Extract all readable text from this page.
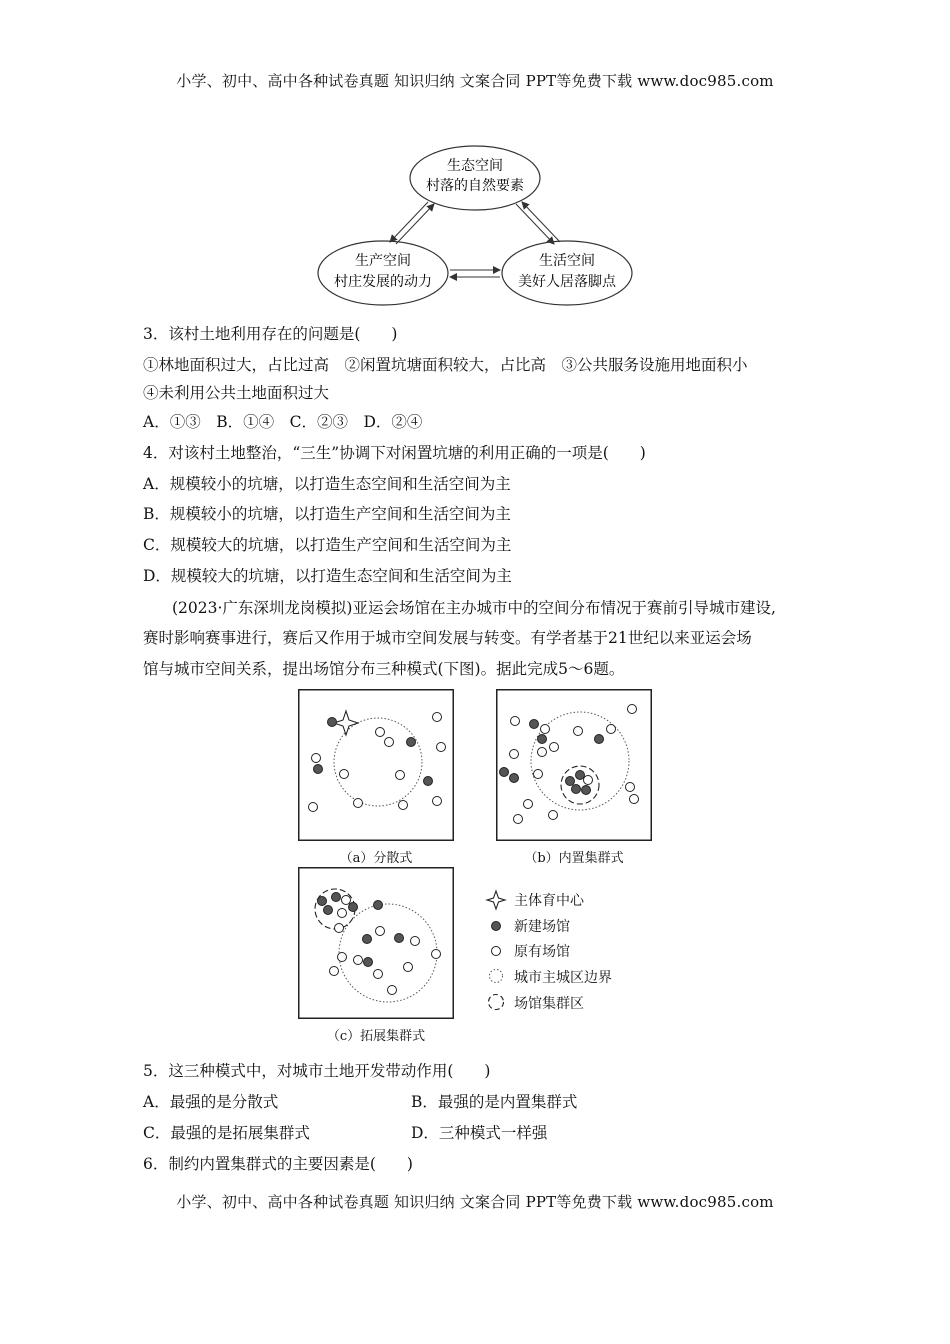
小学、初中、高中各种试卷真题 知识归纳 文案合同 PPT等免费下载 www.doc985.com
生态空间
村落的自然要素
生产空间
村庄发展的动力
生活空间
美好人居落脚点
3．该村土地利用存在的问题是(　　)
①林地面积过大，占比过高　②闲置坑塘面积较大，占比高　③公共服务设施用地面积小
④未利用公共土地面积过大
A．①③　B．①④　C．②③　D．②④
4．对该村土地整治，“三生”协调下对闲置坑塘的利用正确的一项是(　　)
A．规模较小的坑塘，以打造生态空间和生活空间为主
B．规模较小的坑塘，以打造生产空间和生活空间为主
C．规模较大的坑塘，以打造生产空间和生活空间为主
D．规模较大的坑塘，以打造生态空间和生活空间为主
(2023·广东深圳龙岗模拟)亚运会场馆在主办城市中的空间分布情况于赛前引导城市建设,
赛时影响赛事进行，赛后又作用于城市空间发展与转变。有学者基于21世纪以来亚运会场
馆与城市空间关系，提出场馆分布三种模式(下图)。据此完成5～6题。
（a）分散式	（b）内置集群式
（c）拓展集群式
主体育中心
新建场馆
原有场馆
城市主城区边界
场馆集群区
5．这三种模式中，对城市土地开发带动作用(　　)
A．最强的是分散式	B．最强的是内置集群式
C．最强的是拓展集群式	D．三种模式一样强
6．制约内置集群式的主要因素是(　　)
小学、初中、高中各种试卷真题 知识归纳 文案合同 PPT等免费下载 www.doc985.com
